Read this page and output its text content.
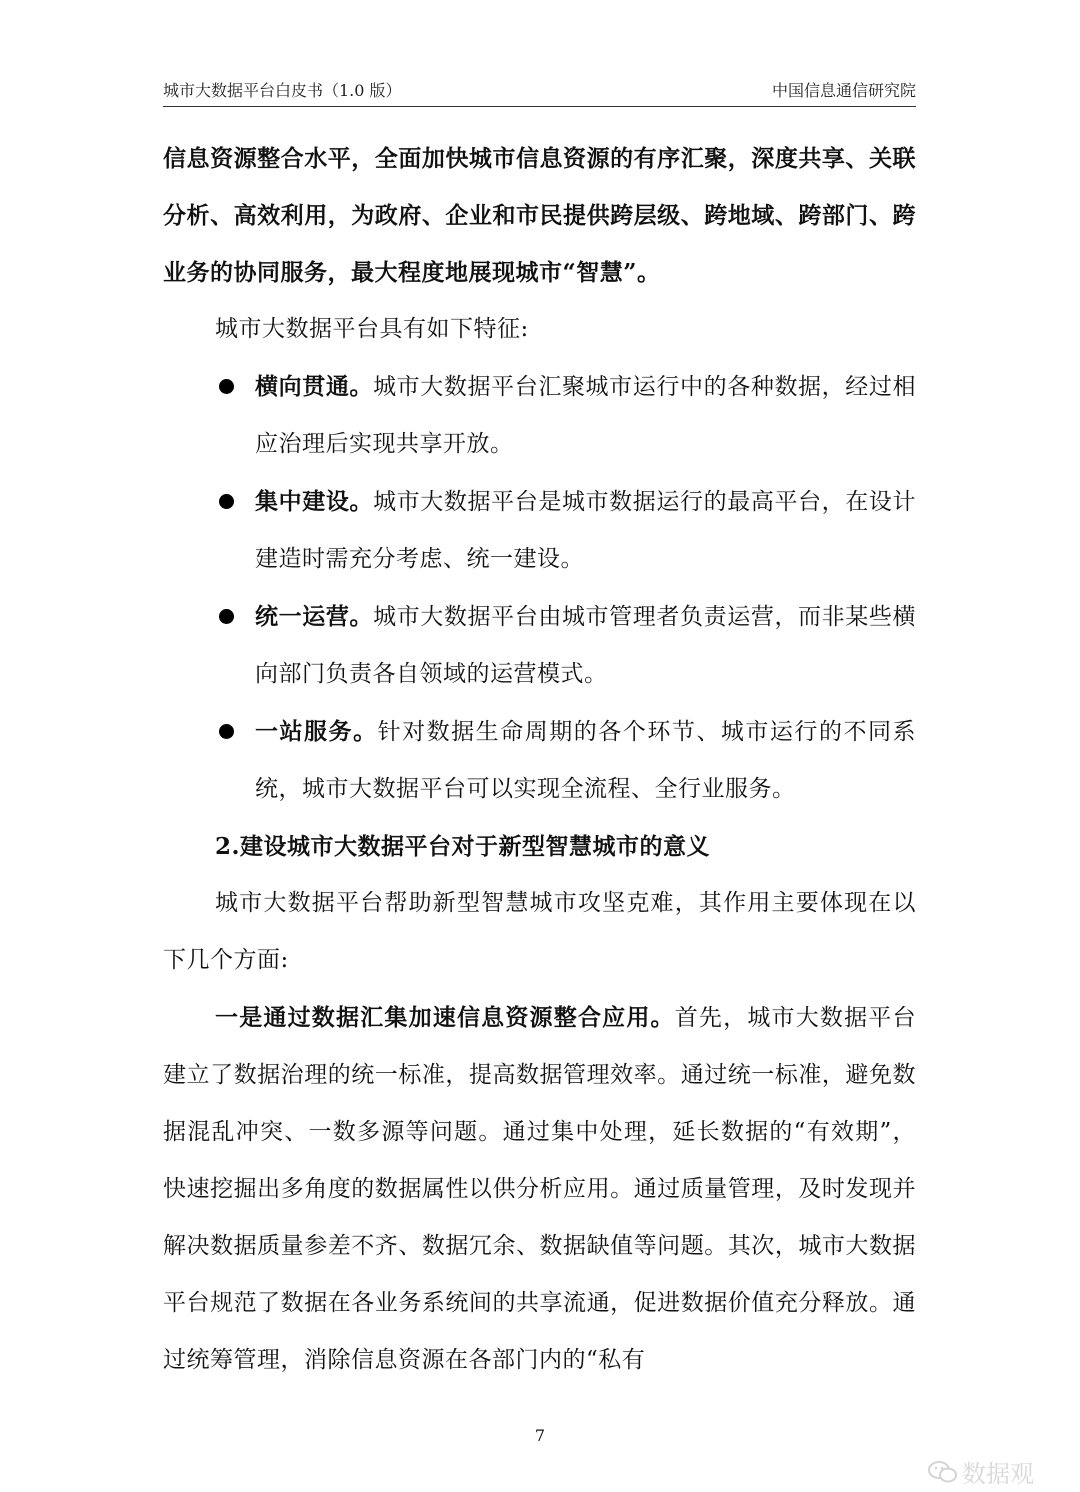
城市大数据平台白皮书（1.0 版）	中国信息通信研究院

信息资源整合水平，全面加快城市信息资源的有序汇聚，深度共享、关联分析、高效利用，为政府、企业和市民提供跨层级、跨地域、跨部门、跨业务的协同服务，最大程度地展现城市“智慧”。

城市大数据平台具有如下特征:

横向贯通。城市大数据平台汇聚城市运行中的各种数据，经过相应治理后实现共享开放。

集中建设。城市大数据平台是城市数据运行的最高平台，在设计建造时需充分考虑、统一建设。

统一运营。城市大数据平台由城市管理者负责运营，而非某些横向部门负责各自领域的运营模式。

一站服务。针对数据生命周期的各个环节、城市运行的不同系统，城市大数据平台可以实现全流程、全行业服务。

2.建设城市大数据平台对于新型智慧城市的意义

城市大数据平台帮助新型智慧城市攻坚克难，其作用主要体现在以下几个方面:

一是通过数据汇集加速信息资源整合应用。首先，城市大数据平台建立了数据治理的统一标准，提高数据管理效率。通过统一标准，避免数据混乱冲突、一数多源等问题。通过集中处理，延长数据的“有效期”，快速挖掘出多角度的数据属性以供分析应用。通过质量管理，及时发现并解决数据质量参差不齐、数据冗余、数据缺值等问题。其次，城市大数据平台规范了数据在各业务系统间的共享流通，促进数据价值充分释放。通过统筹管理，消除信息资源在各部门内的“私有

7
数据观
